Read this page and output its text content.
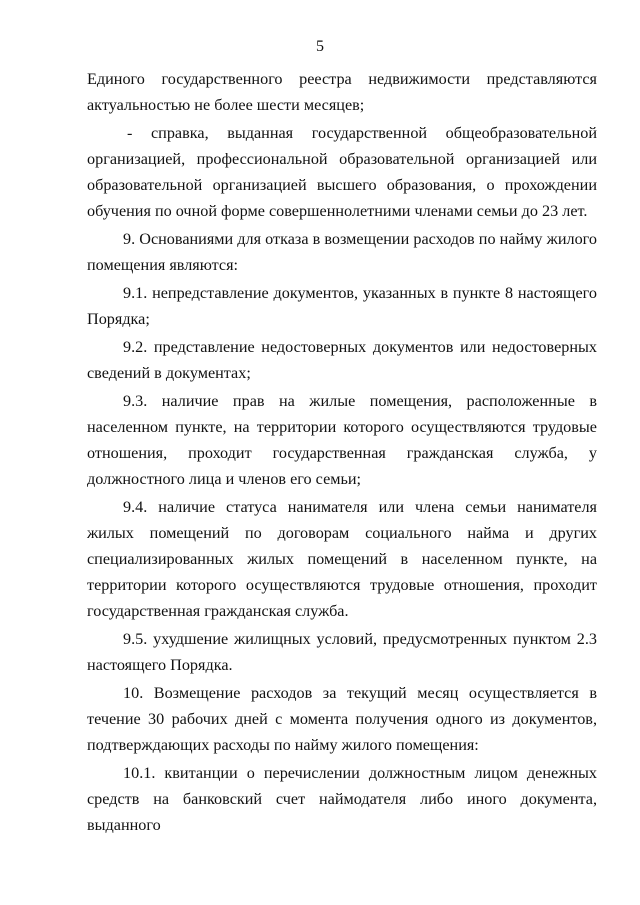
5

Единого государственного реестра недвижимости представляются актуальностью не более шести месяцев;

- справка, выданная государственной общеобразовательной организацией, профессиональной образовательной организацией или образовательной организацией высшего образования, о прохождении обучения по очной форме совершеннолетними членами семьи до 23 лет.

9. Основаниями для отказа в возмещении расходов по найму жилого помещения являются:

9.1. непредставление документов, указанных в пункте 8 настоящего Порядка;

9.2. представление недостоверных документов или недостоверных сведений в документах;

9.3. наличие прав на жилые помещения, расположенные в населенном пункте, на территории которого осуществляются трудовые отношения, проходит государственная гражданская служба, у должностного лица и членов его семьи;

9.4. наличие статуса нанимателя или члена семьи нанимателя жилых помещений по договорам социального найма и других специализированных жилых помещений в населенном пункте, на территории которого осуществляются трудовые отношения, проходит государственная гражданская служба.

9.5. ухудшение жилищных условий, предусмотренных пунктом 2.3 настоящего Порядка.

10. Возмещение расходов за текущий месяц осуществляется в течение 30 рабочих дней с момента получения одного из документов, подтверждающих расходы по найму жилого помещения:

10.1. квитанции о перечислении должностным лицом денежных средств на банковский счет наймодателя либо иного документа, выданного
